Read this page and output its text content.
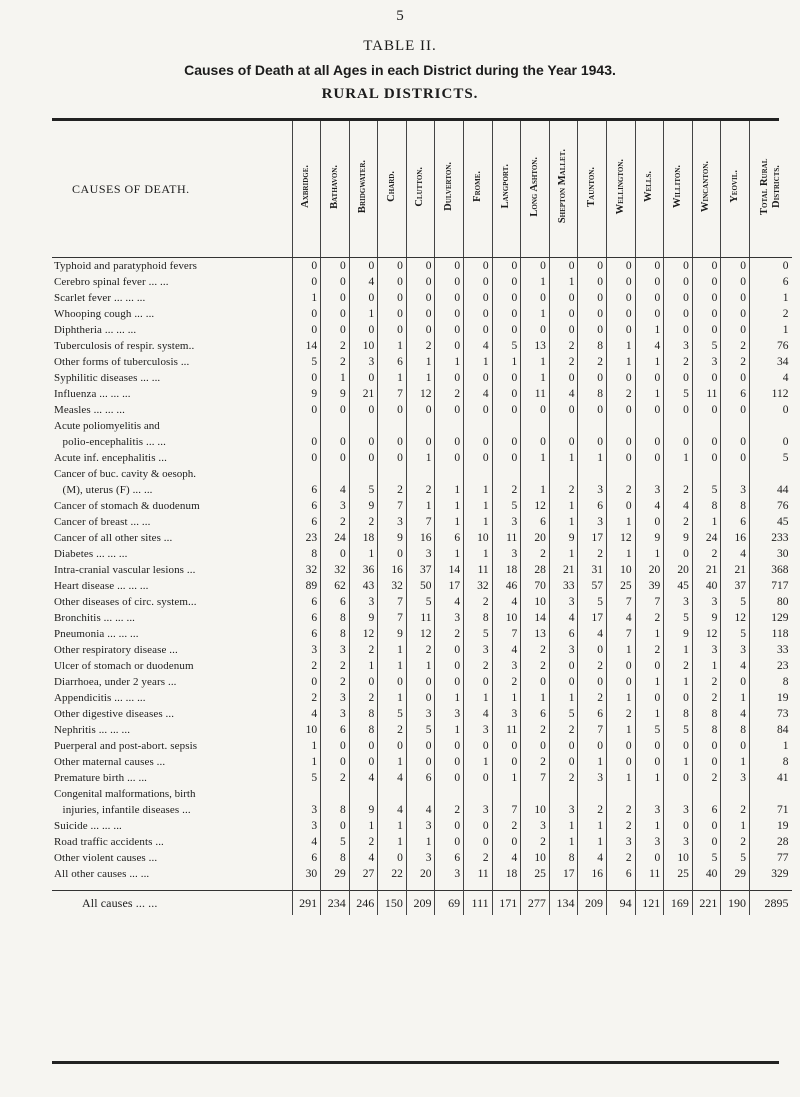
5
TABLE II.
Causes of Death at all Ages in each District during the Year 1943.
RURAL DISTRICTS.
CAUSES OF DEATH.	Axbridge.	Bathavon.	Bridgwater.	Chard.	Clutton.	Dulverton.	Frome.	Langport.	Long Ashton.	Shepton Mallet.	Taunton.	Wellington.	Wells.	Williton.	Wincanton.	Yeovil.	Total Rural Districts.
Typhoid and paratyphoid fevers	0	0	0	0	0	0	0	0	0	0	0	0	0	0	0	0	0
Cerebro spinal fever ... ...	0	0	4	0	0	0	0	0	1	1	0	0	0	0	0	0	6
Scarlet fever ... ... ...	1	0	0	0	0	0	0	0	0	0	0	0	0	0	0	0	1
Whooping cough ... ...	0	0	1	0	0	0	0	0	1	0	0	0	0	0	0	0	2
Diphtheria ... ... ...	0	0	0	0	0	0	0	0	0	0	0	0	1	0	0	0	1
Tuberculosis of respir. system..	14	2	10	1	2	0	4	5	13	2	8	1	4	3	5	2	76
Other forms of tuberculosis ...	5	2	3	6	1	1	1	1	1	2	2	1	1	2	3	2	34
Syphilitic diseases ... ...	0	1	0	1	1	0	0	0	1	0	0	0	0	0	0	0	4
Influenza ... ... ...	9	9	21	7	12	2	4	0	11	4	8	2	1	5	11	6	112
Measles ... ... ...	0	0	0	0	0	0	0	0	0	0	0	0	0	0	0	0	0
Acute poliomyelitis and																	
polio-encephalitis ... ...	0	0	0	0	0	0	0	0	0	0	0	0	0	0	0	0	0
Acute inf. encephalitis ...	0	0	0	0	1	0	0	0	1	1	1	0	0	1	0	0	5
Cancer of buc. cavity & oesoph.																	
(M), uterus (F) ... ...	6	4	5	2	2	1	1	2	1	2	3	2	3	2	5	3	44
Cancer of stomach & duodenum	6	3	9	7	1	1	1	5	12	1	6	0	4	4	8	8	76
Cancer of breast ... ...	6	2	2	3	7	1	1	3	6	1	3	1	0	2	1	6	45
Cancer of all other sites ...	23	24	18	9	16	6	10	11	20	9	17	12	9	9	24	16	233
Diabetes ... ... ...	8	0	1	0	3	1	1	3	2	1	2	1	1	0	2	4	30
Intra-cranial vascular lesions ...	32	32	36	16	37	14	11	18	28	21	31	10	20	20	21	21	368
Heart disease ... ... ...	89	62	43	32	50	17	32	46	70	33	57	25	39	45	40	37	717
Other diseases of circ. system...	6	6	3	7	5	4	2	4	10	3	5	7	7	3	3	5	80
Bronchitis ... ... ...	6	8	9	7	11	3	8	10	14	4	17	4	2	5	9	12	129
Pneumonia ... ... ...	6	8	12	9	12	2	5	7	13	6	4	7	1	9	12	5	118
Other respiratory disease ...	3	3	2	1	2	0	3	4	2	3	0	1	2	1	3	3	33
Ulcer of stomach or duodenum	2	2	1	1	1	0	2	3	2	0	2	0	0	2	1	4	23
Diarrhoea, under 2 years ...	0	2	0	0	0	0	0	2	0	0	0	0	1	1	2	0	8
Appendicitis ... ... ...	2	3	2	1	0	1	1	1	1	1	2	1	0	0	2	1	19
Other digestive diseases ...	4	3	8	5	3	3	4	3	6	5	6	2	1	8	8	4	73
Nephritis ... ... ...	10	6	8	2	5	1	3	11	2	2	7	1	5	5	8	8	84
Puerperal and post-abort. sepsis	1	0	0	0	0	0	0	0	0	0	0	0	0	0	0	0	1
Other maternal causes ...	1	0	0	1	0	0	1	0	2	0	1	0	0	1	0	1	8
Premature birth ... ...	5	2	4	4	6	0	0	1	7	2	3	1	1	0	2	3	41
Congenital malformations, birth																	
injuries, infantile diseases ...	3	8	9	4	4	2	3	7	10	3	2	2	3	3	6	2	71
Suicide ... ... ...	3	0	1	1	3	0	0	2	3	1	1	2	1	0	0	1	19
Road traffic accidents ...	4	5	2	1	1	0	0	0	2	1	1	3	3	3	0	2	28
Other violent causes ...	6	8	4	0	3	6	2	4	10	8	4	2	0	10	5	5	77
All other causes ... ...	30	29	27	22	20	3	11	18	25	17	16	6	11	25	40	29	329

All causes ... ...	291	234	246	150	209	69	111	171	277	134	209	94	121	169	221	190	2895
